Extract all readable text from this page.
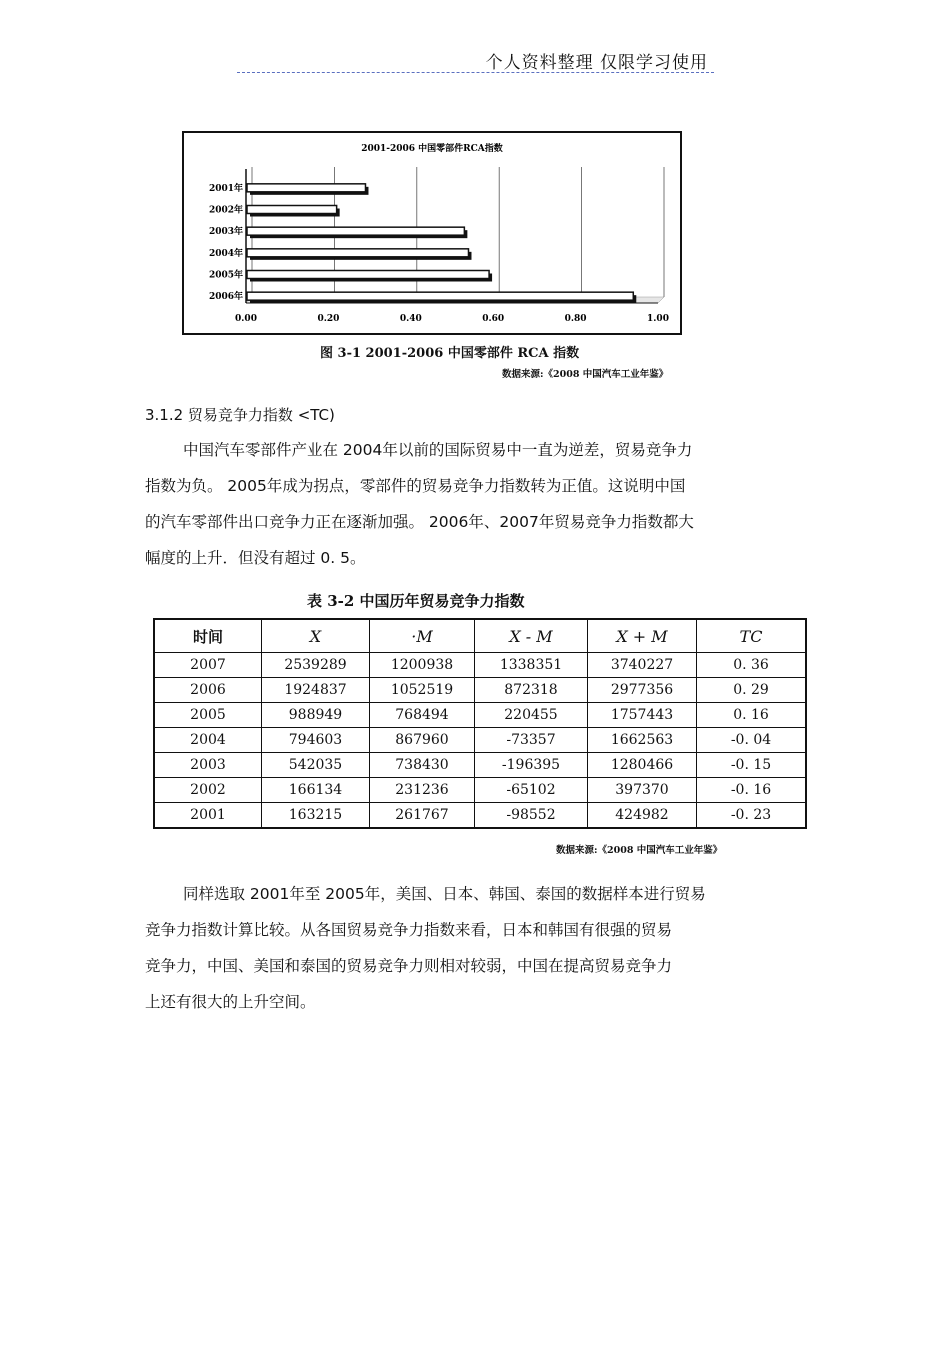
个人资料整理 仅限学习使用
2001-2006 中国零部件RCA指数
0.00	0.20	0.40	0.60	0.80	1.00
2001年
2002年
2003年
2004年
2005年
2006年
图 3-1 2001-2006 中国零部件 RCA 指数
数据来源:《2008 中国汽车工业年鉴》
3.1.2 贸易竞争力指数 <TC)
中国汽车零部件产业在 2004年以前的国际贸易中一直为逆差，贸易竞争力
指数为负。 2005年成为拐点，零部件的贸易竞争力指数转为正值。这说明中国
的汽车零部件出口竞争力正在逐渐加强。 2006年、2007年贸易竞争力指数都大
幅度的上升．但没有超过 0. 5。
表 3-2 中国历年贸易竞争力指数
时间	X	·M	X - M	X + M	TC
2007	2539289	1200938	1338351	3740227	0. 36
2006	1924837	1052519	872318	2977356	0. 29
2005	988949	768494	220455	1757443	0. 16
2004	794603	867960	-73357	1662563	-0. 04
2003	542035	738430	-196395	1280466	-0. 15
2002	166134	231236	-65102	397370	-0. 16
2001	163215	261767	-98552	424982	-0. 23
数据来源:《2008 中国汽车工业年鉴》
同样选取 2001年至 2005年，美国、日本、韩国、泰国的数据样本进行贸易
竞争力指数计算比较。从各国贸易竞争力指数来看，日本和韩国有很强的贸易
竞争力，中国、美国和泰国的贸易竞争力则相对较弱，中国在提高贸易竞争力
上还有很大的上升空间。
